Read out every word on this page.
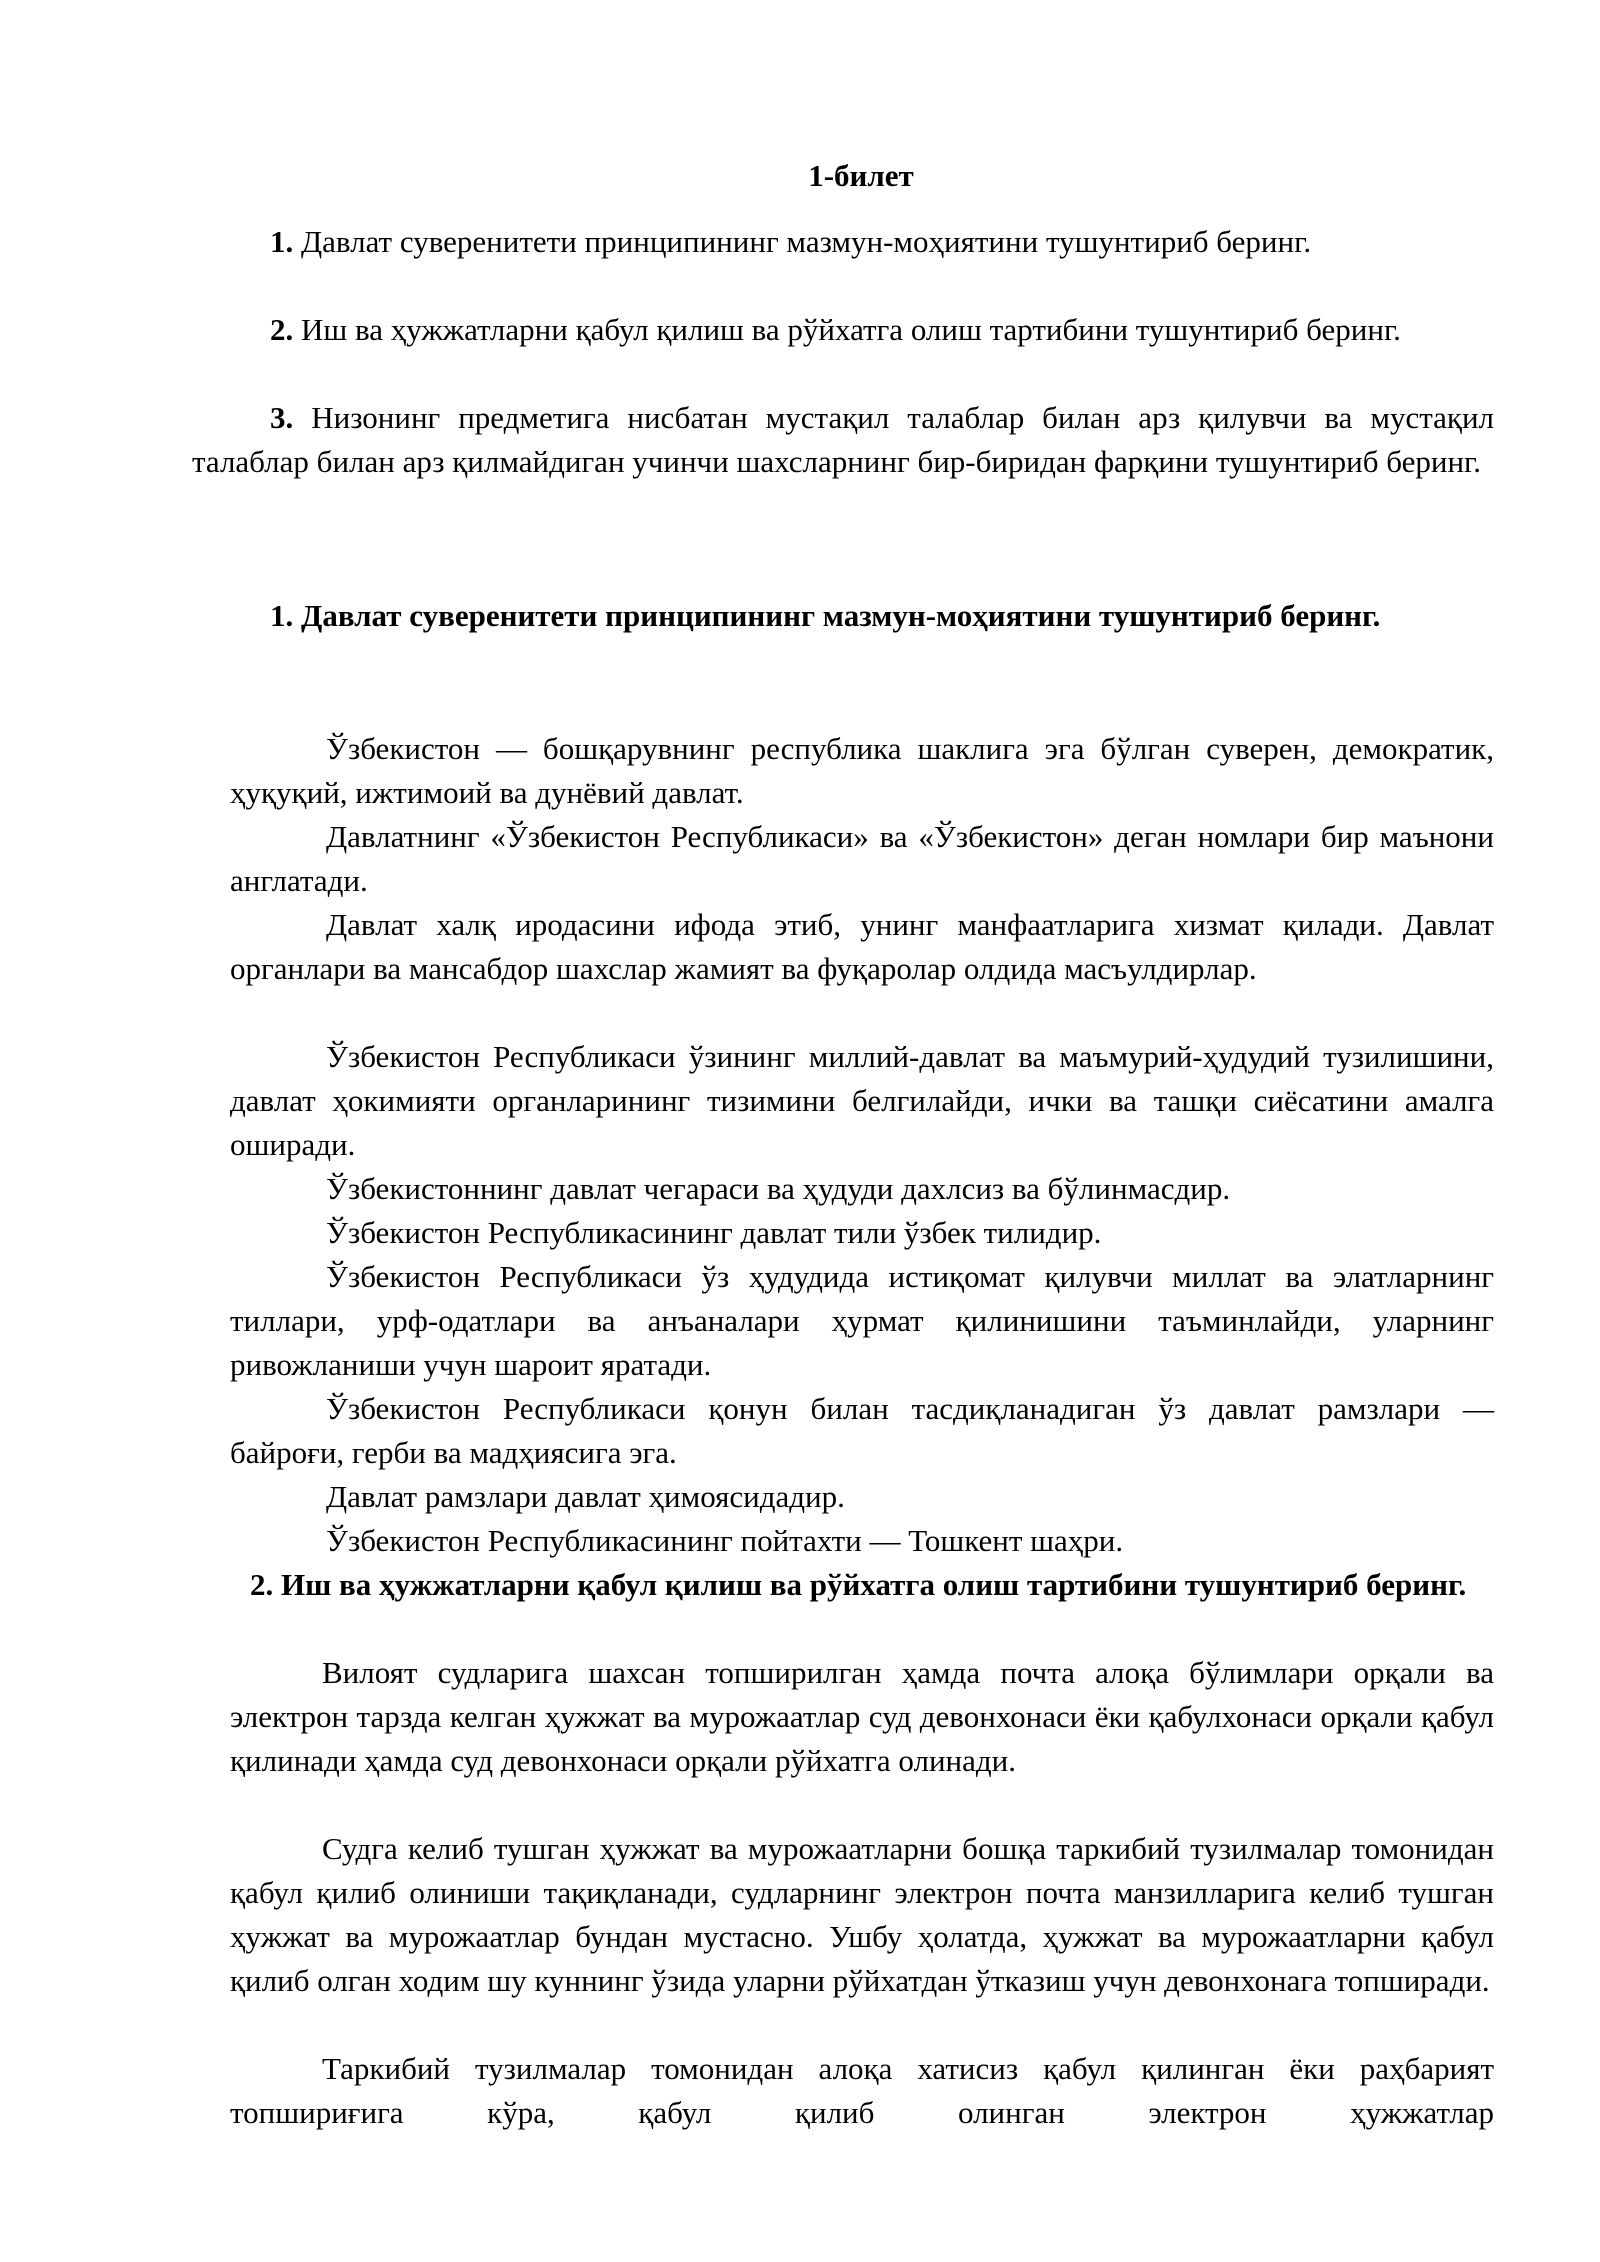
1-билет

1. Давлат суверенитети принципининг мазмун-моҳиятини тушунтириб беринг.

2. Иш ва ҳужжатларни қабул қилиш ва рўйхатга олиш тартибини тушунтириб беринг.

3. Низонинг предметига нисбатан мустақил талаблар билан арз қилувчи ва мустақил талаблар билан арз қилмайдиган учинчи шахсларнинг бир-биридан фарқини тушунтириб беринг.

1. Давлат суверенитети принципининг мазмун-моҳиятини тушунтириб беринг.

Ўзбекистон — бошқарувнинг республика шаклига эга бўлган суверен, демократик, ҳуқуқий, ижтимоий ва дунёвий давлат.

Давлатнинг «Ўзбекистон Республикаси» ва «Ўзбекистон» деган номлари бир маънони англатади.

Давлат халқ иродасини ифода этиб, унинг манфаатларига хизмат қилади. Давлат органлари ва мансабдор шахслар жамият ва фуқаролар олдида масъулдирлар.

Ўзбекистон Республикаси ўзининг миллий-давлат ва маъмурий-ҳудудий тузилишини, давлат ҳокимияти органларининг тизимини белгилайди, ички ва ташқи сиёсатини амалга оширади.

Ўзбекистоннинг давлат чегараси ва ҳудуди дахлсиз ва бўлинмасдир.

Ўзбекистон Республикасининг давлат тили ўзбек тилидир.

Ўзбекистон Республикаси ўз ҳудудида истиқомат қилувчи миллат ва элатларнинг тиллари, урф-одатлари ва анъаналари ҳурмат қилинишини таъминлайди, уларнинг ривожланиши учун шароит яратади.

Ўзбекистон Республикаси қонун билан тасдиқланадиган ўз давлат рамзлари — байроғи, герби ва мадҳиясига эга.

Давлат рамзлари давлат ҳимоясидадир.

Ўзбекистон Республикасининг пойтахти — Тошкент шаҳри.

2. Иш ва ҳужжатларни қабул қилиш ва рўйхатга олиш тартибини тушунтириб беринг.

Вилоят судларига шахсан топширилган ҳамда почта алоқа бўлимлари орқали ва электрон тарзда келган ҳужжат ва мурожаатлар суд девонхонаси ёки қабулхонаси орқали қабул қилинади ҳамда суд девонхонаси орқали рўйхатга олинади.

Судга келиб тушган ҳужжат ва мурожаатларни бошқа таркибий тузилмалар томонидан қабул қилиб олиниши тақиқланади, судларнинг электрон почта манзилларига келиб тушган ҳужжат ва мурожаатлар бундан мустасно. Ушбу ҳолатда, ҳужжат ва мурожаатларни қабул қилиб олган ходим шу куннинг ўзида уларни рўйхатдан ўтказиш учун девонхонага топширади.

Таркибий тузилмалар томонидан алоқа хатисиз қабул қилинган ёки раҳбарият топшириғига кўра, қабул қилиб олинган электрон ҳужжатлар
